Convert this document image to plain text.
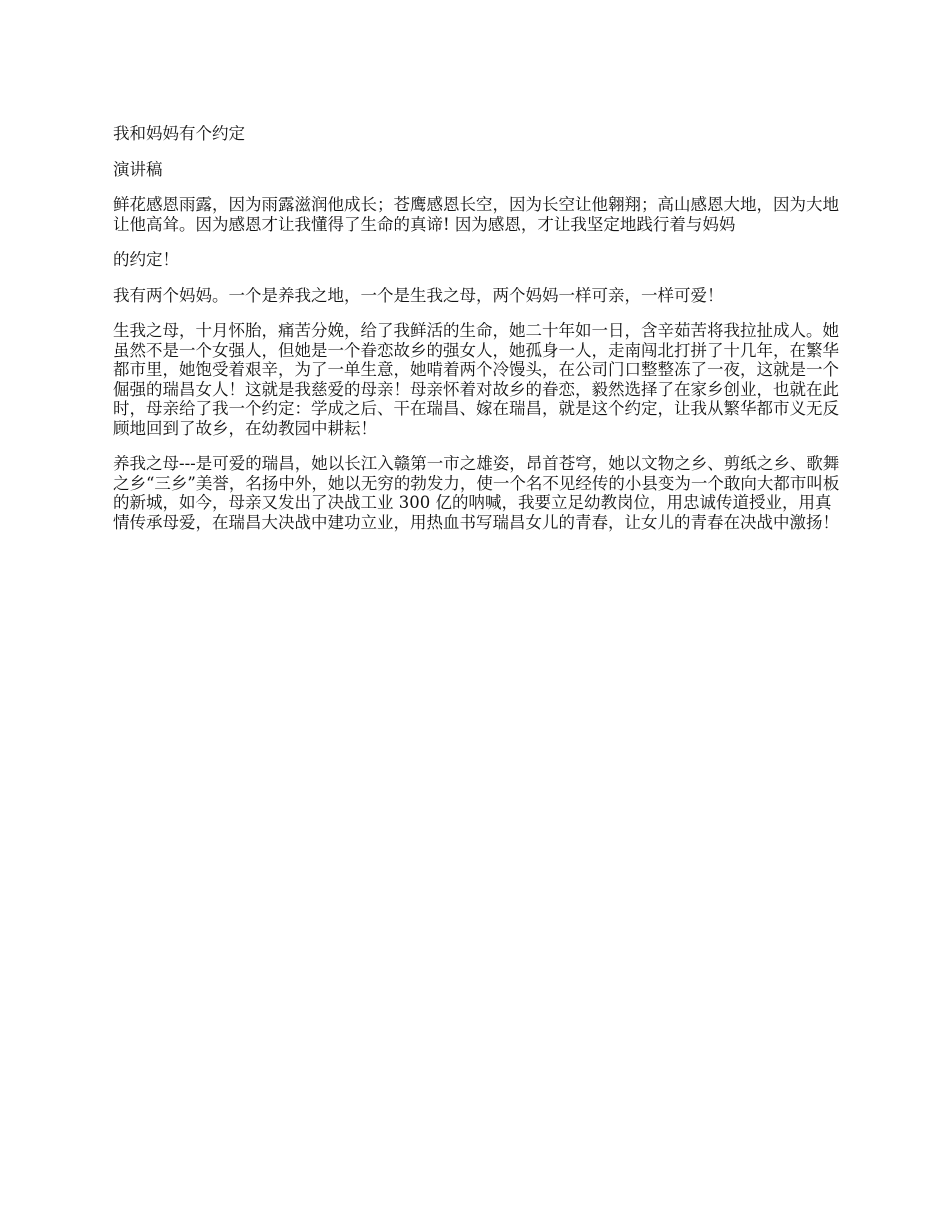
我和妈妈有个约定

演讲稿

鲜花感恩雨露，因为雨露滋润他成长；苍鹰感恩长空，因为长空让他翱翔；高山感恩大地，因为大地让他高耸。因为感恩才让我懂得了生命的真谛! 因为感恩，才让我坚定地践行着与妈妈

的约定！

我有两个妈妈。一个是养我之地，一个是生我之母，两个妈妈一样可亲，一样可爱！

生我之母，十月怀胎，痛苦分娩，给了我鲜活的生命，她二十年如一日，含辛茹苦将我拉扯成人。她虽然不是一个女强人，但她是一个眷恋故乡的强女人，她孤身一人，走南闯北打拼了十几年，在繁华都市里，她饱受着艰辛，为了一单生意，她啃着两个冷馒头，在公司门口整整冻了一夜，这就是一个倔强的瑞昌女人！这就是我慈爱的母亲！母亲怀着对故乡的眷恋，毅然选择了在家乡创业，也就在此时，母亲给了我一个约定：学成之后、干在瑞昌、嫁在瑞昌，就是这个约定，让我从繁华都市义无反顾地回到了故乡，在幼教园中耕耘！

养我之母---是可爱的瑞昌，她以长江入赣第一市之雄姿，昂首苍穹，她以文物之乡、剪纸之乡、歌舞之乡“三乡”美誉，名扬中外，她以无穷的勃发力，使一个名不见经传的小县变为一个敢向大都市叫板的新城，如今，母亲又发出了决战工业 300 亿的呐喊，我要立足幼教岗位，用忠诚传道授业，用真情传承母爱，在瑞昌大决战中建功立业，用热血书写瑞昌女儿的青春，让女儿的青春在决战中激扬！
